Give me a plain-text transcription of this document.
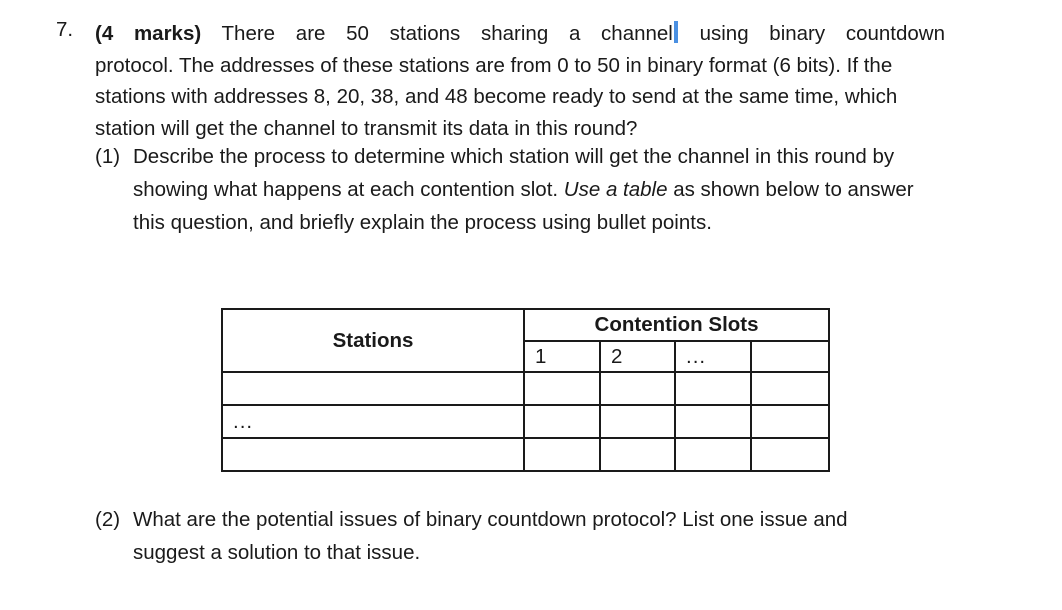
7. (4 marks) There are 50 stations sharing a channel using binary countdown
protocol. The addresses of these stations are from 0 to 50 in binary format (6 bits). If the stations with addresses 8, 20, 38, and 48 become ready to send at the same time, which station will get the channel to transmit its data in this round?
(1) Describe the process to determine which station will get the channel in this round by showing what happens at each contention slot. Use a table as shown below to answer this question, and briefly explain the process using bullet points.
Stations	Contention Slots			
	1	2	...	

...				

(2) What are the potential issues of binary countdown protocol? List one issue and suggest a solution to that issue.
